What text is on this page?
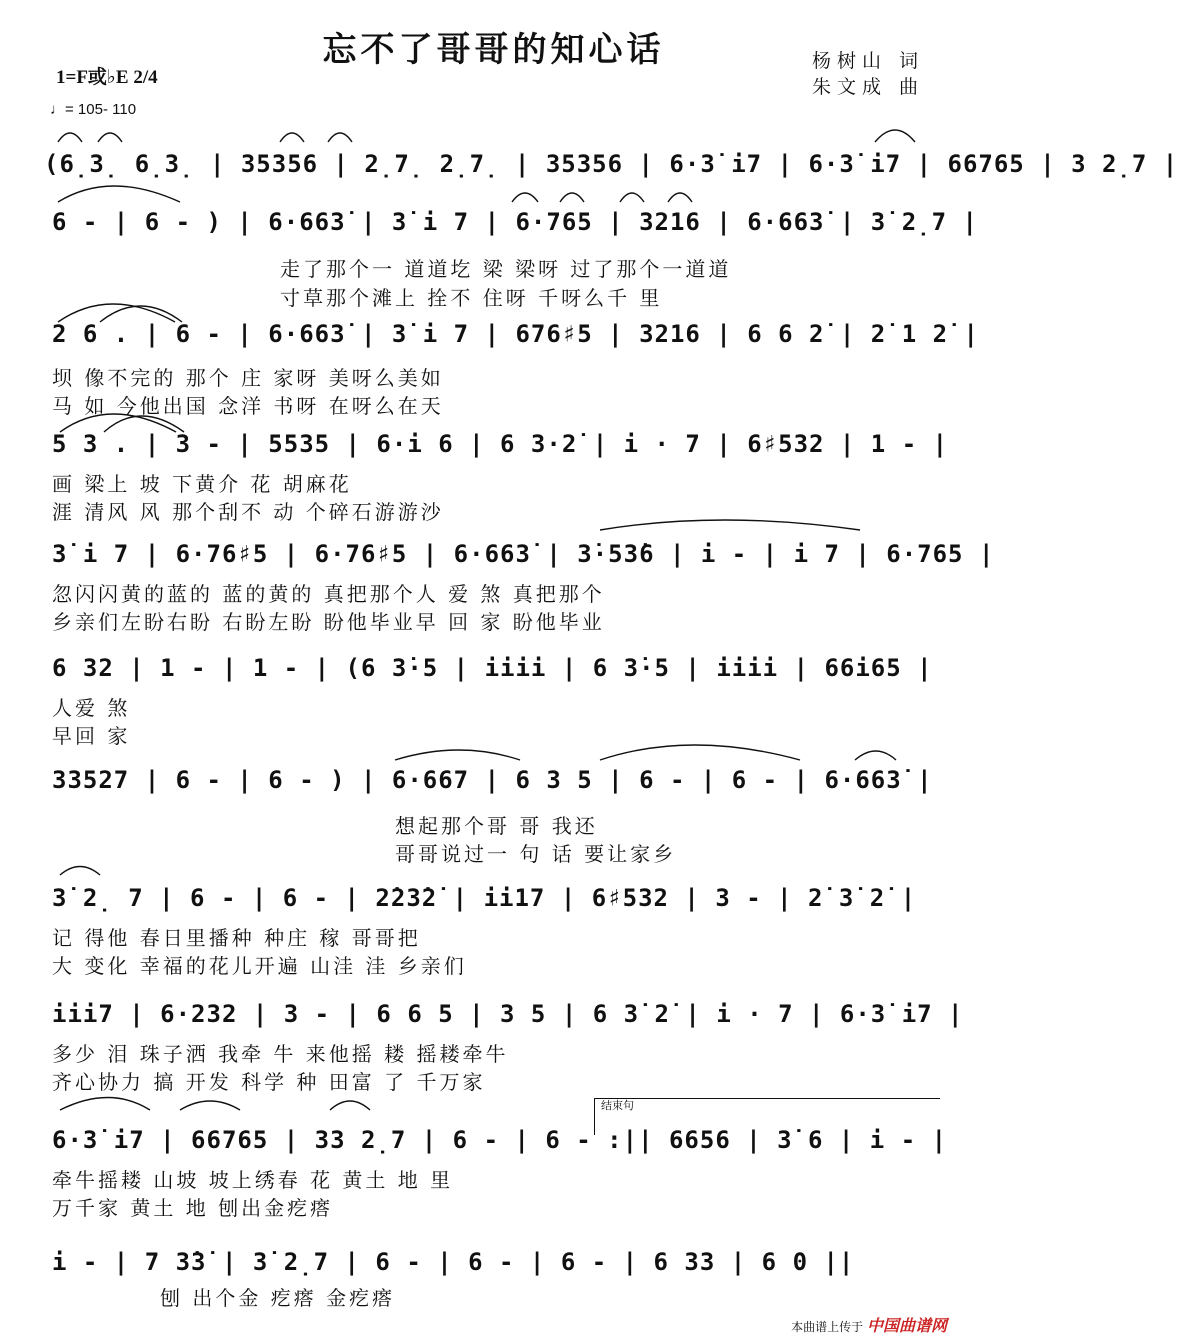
忘不了哥哥的知心话	杨树山 词
朱文成 曲
1=F或♭E 2/4
♩= 105- 110
结束句
(6̣3̣ 6̣3̣ | 35356 | 2̣7̣ 2̣7̣ | 35356 | 6·3̇ i7 | 6·3̇ i7 | 66765 | 3 2̣7 |
6 - | 6 - ) | 6·663̇ | 3̇ i 7 | 6·765 | 3216 | 6·663̇ | 3̇ 2̣7 |
走了那个一 道道圪 梁 梁呀 过了那个一道道
寸草那个滩上 拴不 住呀 千呀么千 里
2 6 . | 6 - | 6·663̇ | 3̇ i 7 | 676♯5 | 3216 | 6 6 2̇ | 2̇ 1 2̇ |
坝 像不完的 那个 庄 家呀 美呀么美如
马 如 今他出国 念洋 书呀 在呀么在天
5 3 . | 3 - | 5535 | 6·i 6 | 6 3·2̇ | i · 7 | 6♯532 | 1 - |
画 梁上 坡 下黄介 花 胡麻花
涯 清风 风 那个刮不 动 个碎石游游沙
3̇ i 7 | 6·76♯5 | 6·76♯5 | 6·663̇ | 3̇·53̇6 | i - | i 7 | 6·765 |
忽闪闪黄的蓝的 蓝的黄的 真把那个人 爱 煞 真把那个
乡亲们左盼右盼 右盼左盼 盼他毕业早 回 家 盼他毕业
6 32 | 1 - | 1 - | (6 3̇·5 | iiii | 6 3̇·5 | iiii | 66i65 |
人爱 煞
早回 家
33527 | 6 - | 6 - ) | 6·667 | 6 3 5 | 6 - | 6 - | 6·663̇ |
想起那个哥 哥 我还
哥哥说过一 句 话 要让家乡
3̇ 2̣ 7 | 6 - | 6 - | 2̇23̇2̇ | ii17 | 6♯532 | 3 - | 2̇ 3̇ 2̇ |
记 得他 春日里播种 种庄 稼 哥哥把
大 变化 幸福的花儿开遍 山洼 洼 乡亲们
iii7 | 6·232 | 3 - | 6 6 5 | 3 5 | 6 3̇ 2̇ | i · 7 | 6·3̇ i7 |
多少 泪 珠子洒 我牵 牛 来他摇 耧 摇耧牵牛
齐心协力 搞 开发 科学 种 田富 了 千万家
6·3̇ i7 | 66765 | 33 2̣7 | 6 - | 6 - :|| 6656 | 3̇ 6 | i - |
牵牛摇耧 山坡 坡上绣春 花 黄土 地 里
万千家 黄土 地 刨出金疙瘩
i - | 7 3̇3̇ | 3̇ 2̣7 | 6 - | 6 - | 6 - | 6 33 | 6 0 ||
刨 出个金 疙瘩 金疙瘩
本曲谱上传于 中国曲谱网
